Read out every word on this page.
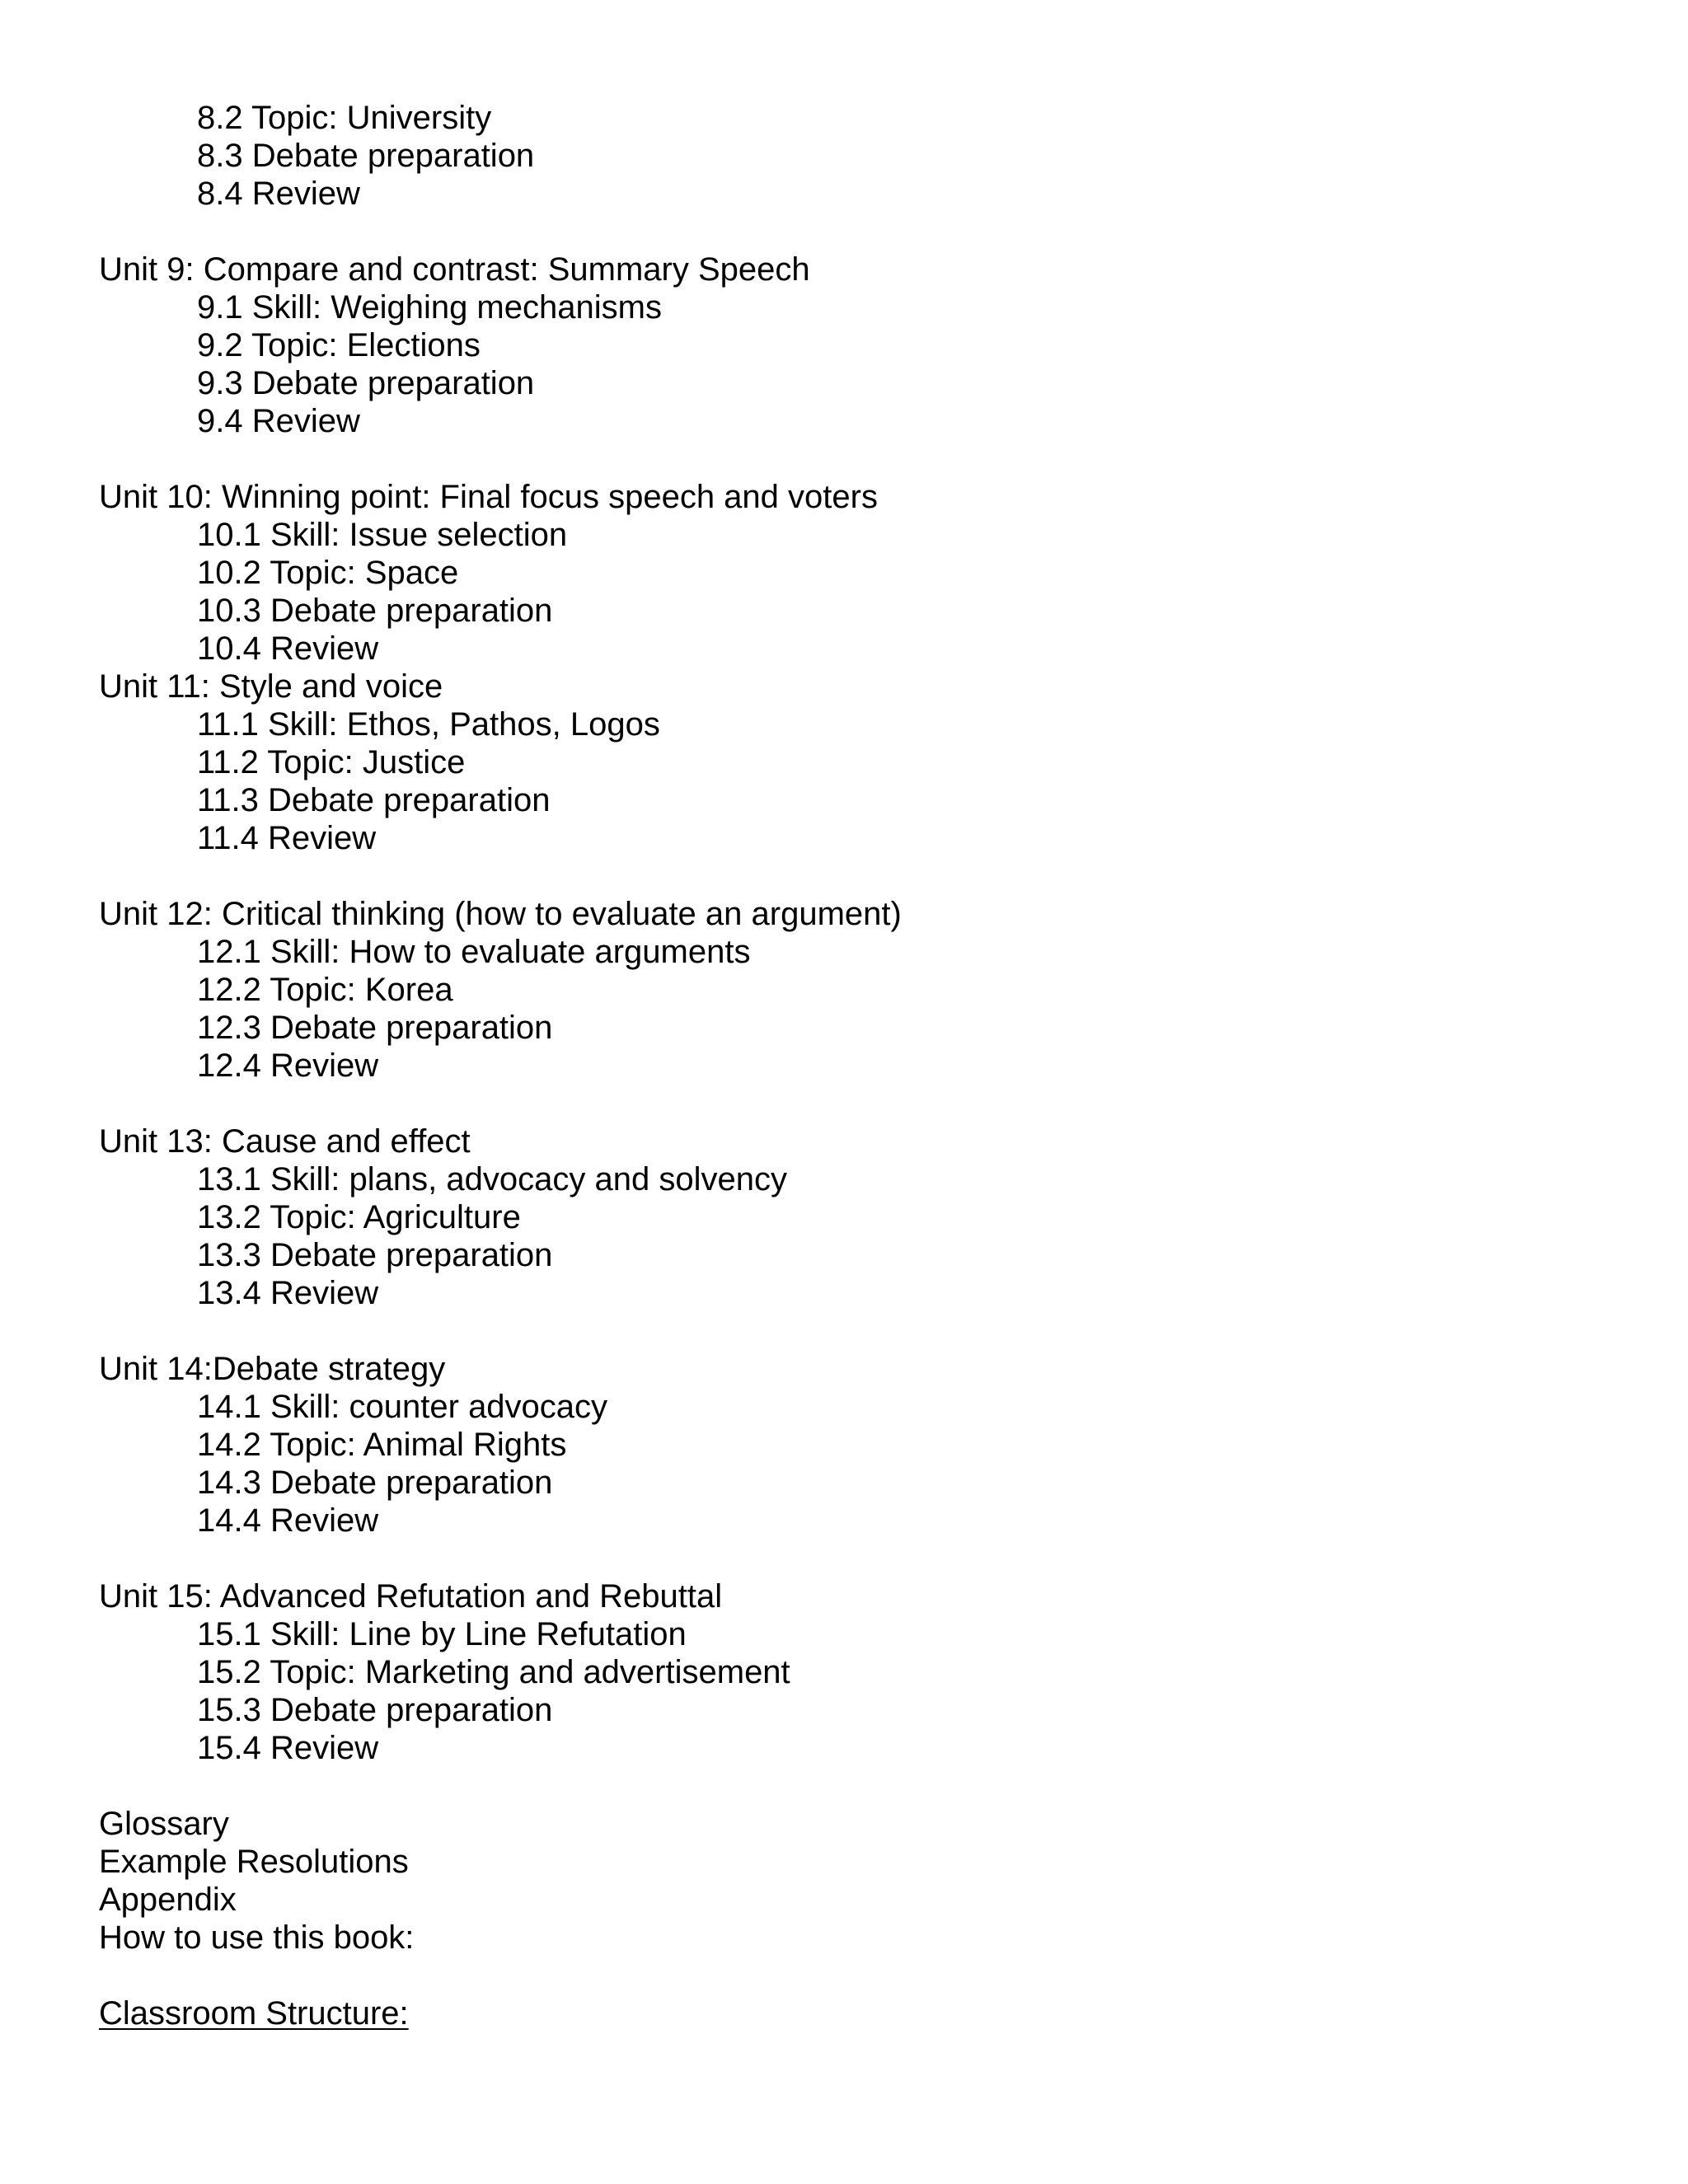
8.2 Topic: University
8.3 Debate preparation
8.4 Review
Unit 9: Compare and contrast: Summary Speech
9.1 Skill: Weighing mechanisms
9.2 Topic: Elections
9.3 Debate preparation
9.4 Review
Unit 10: Winning point: Final focus speech and voters
10.1 Skill: Issue selection
10.2 Topic: Space
10.3 Debate preparation
10.4 Review
Unit 11: Style and voice
11.1 Skill: Ethos, Pathos, Logos
11.2 Topic: Justice
11.3 Debate preparation
11.4 Review
Unit 12: Critical thinking (how to evaluate an argument)
12.1 Skill: How to evaluate arguments
12.2 Topic: Korea
12.3 Debate preparation
12.4 Review
Unit 13: Cause and effect
13.1 Skill: plans, advocacy and solvency
13.2 Topic: Agriculture
13.3 Debate preparation
13.4 Review
Unit 14:Debate strategy
14.1 Skill: counter advocacy
14.2 Topic: Animal Rights
14.3 Debate preparation
14.4 Review
Unit 15: Advanced Refutation and Rebuttal
15.1 Skill: Line by Line Refutation
15.2 Topic: Marketing and advertisement
15.3 Debate preparation
15.4 Review
Glossary
Example Resolutions
Appendix
How to use this book:
Classroom Structure:
